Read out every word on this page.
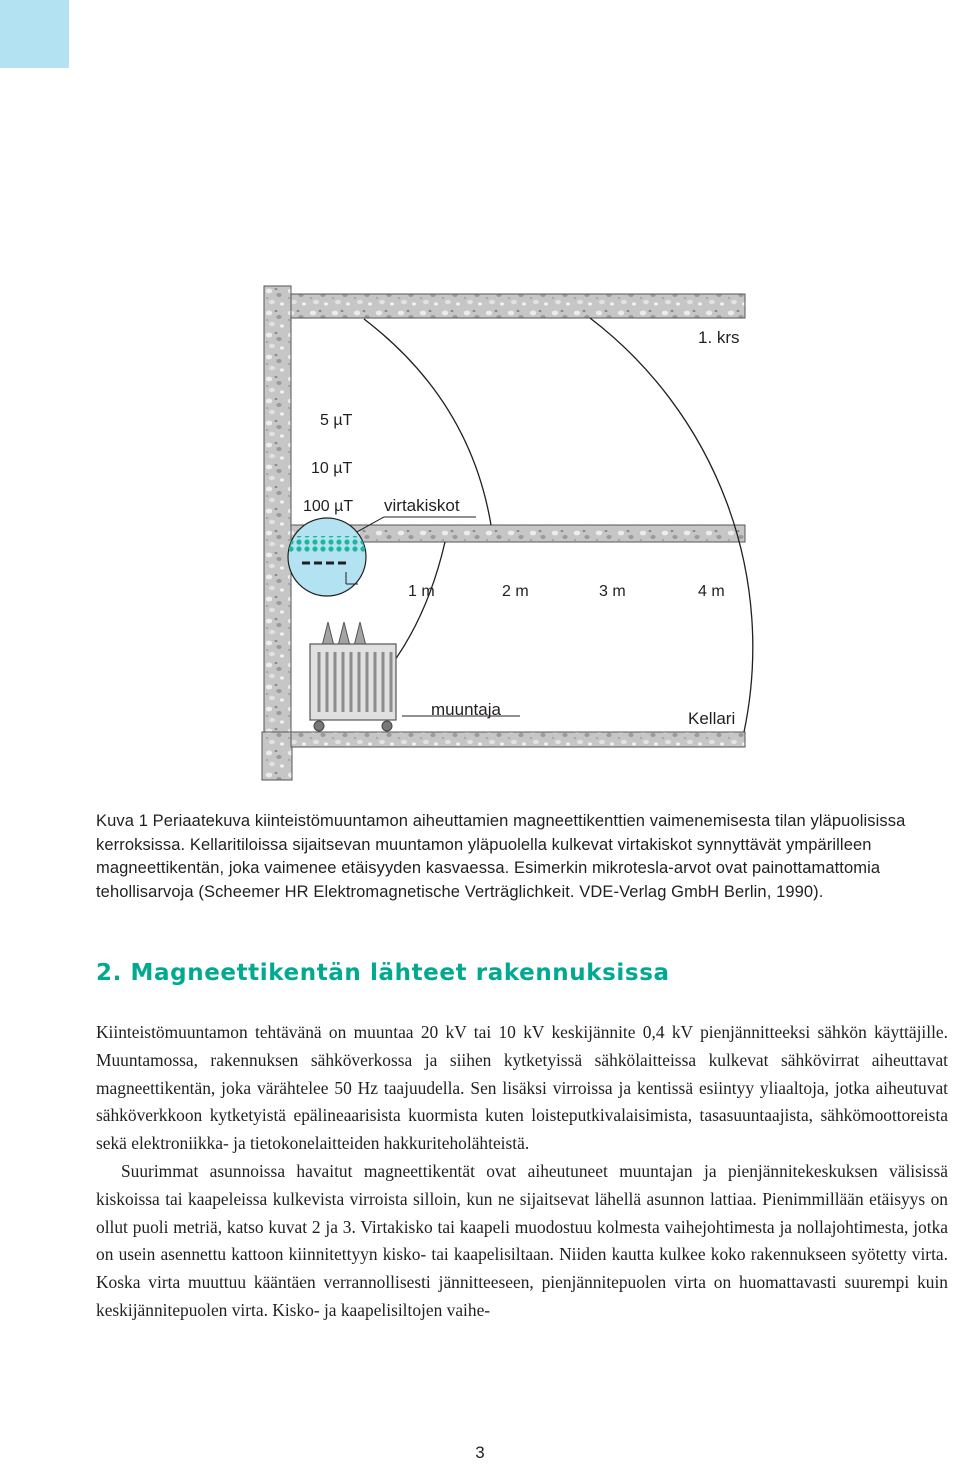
1. krs
5 µT
10 µT
100 µT virtakiskot
1 m	2 m	3 m	4 m
muuntaja	Kellari
Kuva 1 Periaatekuva kiinteistömuuntamon aiheuttamien magneettikenttien vaimenemisesta tilan yläpuolisissa kerroksissa. Kellaritiloissa sijaitsevan muuntamon yläpuolella kulkevat virtakiskot synnyttävät ympärilleen magneettikentän, joka vaimenee etäisyyden kasvaessa. Esimerkin mikrotesla-arvot ovat painottamattomia tehollisarvoja (Scheemer HR Elektromagnetische Verträglichkeit. VDE-Verlag GmbH Berlin, 1990).
2. Magneettikentän lähteet rakennuksissa

Kiinteistömuuntamon tehtävänä on muuntaa 20 kV tai 10 kV keskijännite 0,4 kV pienjännitteeksi sähkön käyttäjille. Muuntamossa, rakennuksen sähköverkossa ja siihen kytketyissä sähkölaitteissa kulkevat sähkövirrat aiheuttavat magneettikentän, joka värähtelee 50 Hz taajuudella. Sen lisäksi virroissa ja kentissä esiintyy yliaaltoja, jotka aiheutuvat sähköverkkoon kytketyistä epälineaarisista kuormista kuten loisteputkivalaisimista, tasasuuntaajista, sähkömoottoreista sekä elektroniikka- ja tietokonelaitteiden hakkuriteholähteistä.

Suurimmat asunnoissa havaitut magneettikentät ovat aiheutuneet muuntajan ja pienjännitekeskuksen välisissä kiskoissa tai kaapeleissa kulkevista virroista silloin, kun ne sijaitsevat lähellä asunnon lattiaa. Pienimmillään etäisyys on ollut puoli metriä, katso kuvat 2 ja 3. Virtakisko tai kaapeli muodostuu kolmesta vaihejohtimesta ja nollajohtimesta, jotka on usein asennettu kattoon kiinnitettyyn kisko- tai kaapelisiltaan. Niiden kautta kulkee koko rakennukseen syötetty virta. Koska virta muuttuu kääntäen verrannollisesti jännitteeseen, pienjännitepuolen virta on huomattavasti suurempi kuin keskijännitepuolen virta. Kisko- ja kaapelisiltojen vaihe-

3
